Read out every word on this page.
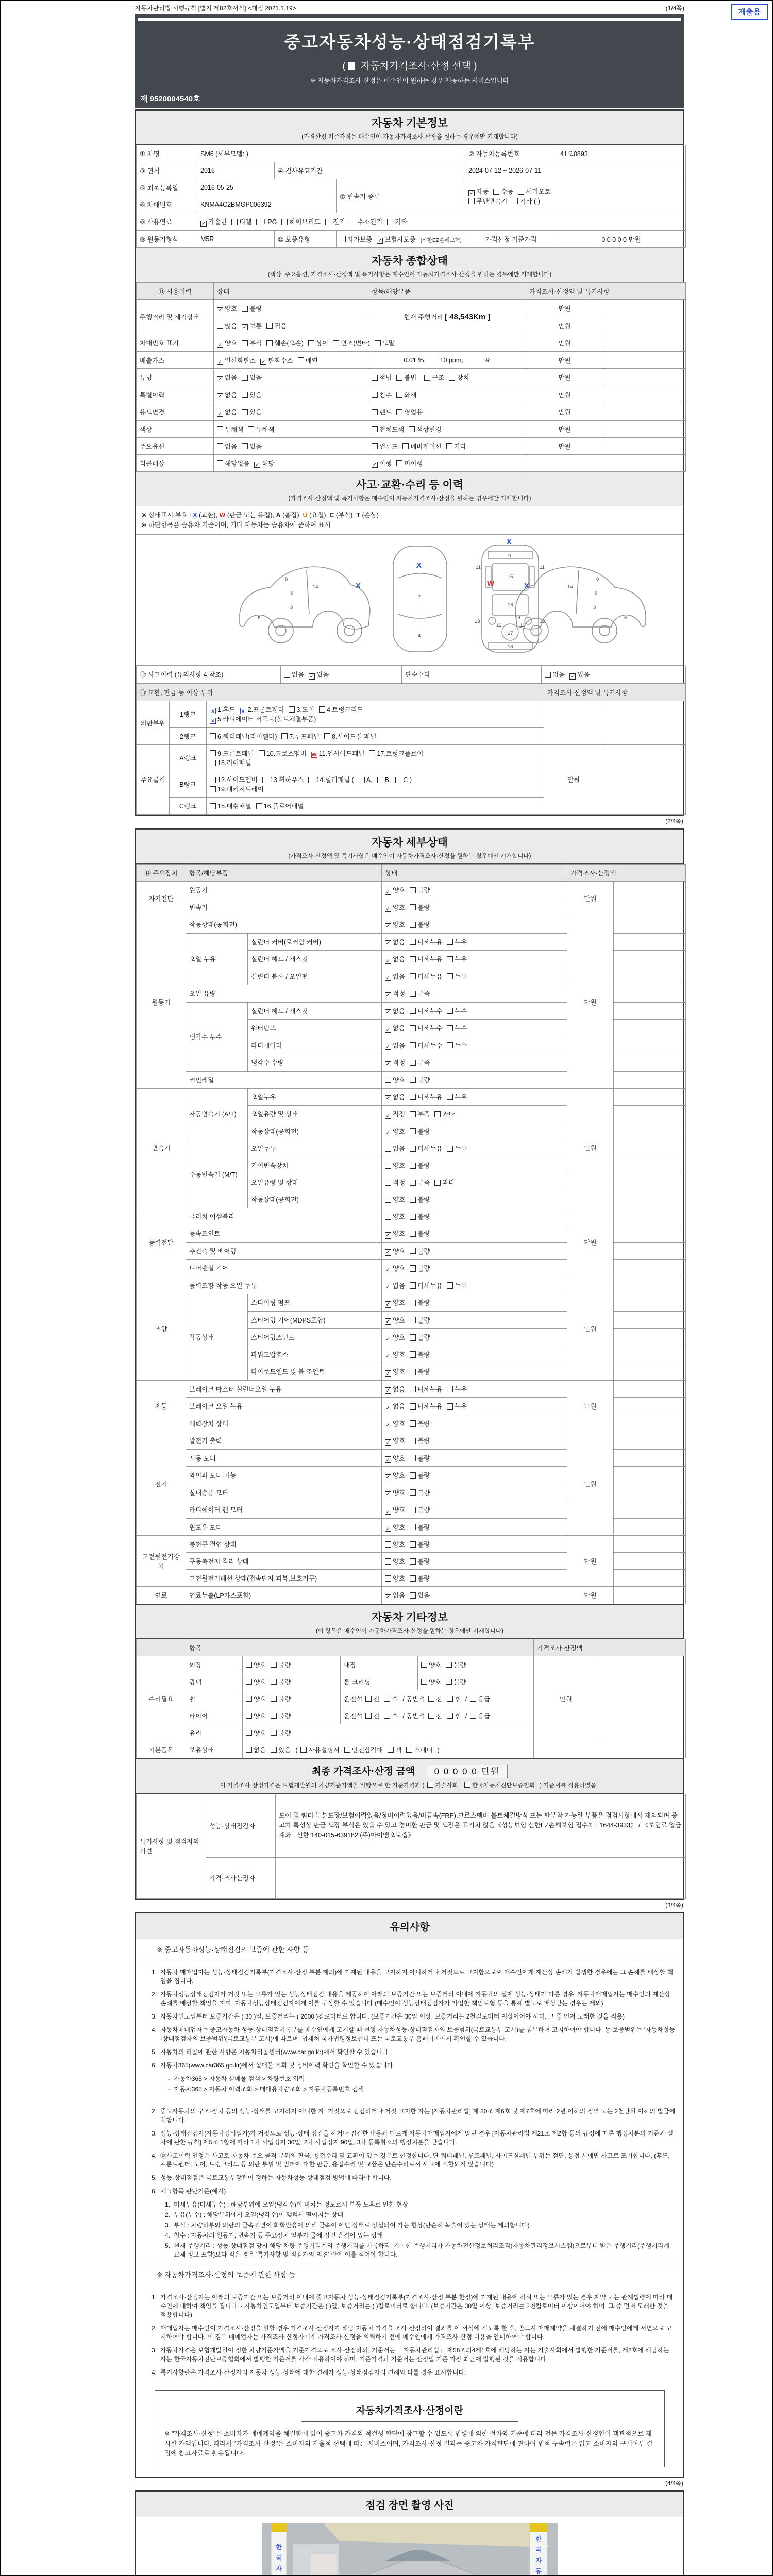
제출용
자동차관리법 시행규칙 [별지 제82호서식] <개정 2021.1.19>	(1/4쪽)
중고자동차성능·상태점검기록부
( 자동차가격조사·산정 선택 )
※ 자동차가격조사·산정은 매수인이 원하는 경우 제공하는 서비스입니다
제 9520004540호
자동차 기본정보
(가격산정 기준가격은 매수인이 자동차가격조사·산정을 원하는 경우에만 기재합니다)
① 차명	SM6 (세부모델: )			② 자동차등록번호	41오0893
③ 연식	2016	④ 검사유효기간		2024-07-12 ~ 2026-07-11	
⑤ 최초등록일	2016-05-25		⑦ 변속기 종류	✓ 자동 수동 세미오토
무단변속기 기타 ( )	
⑥ 차대번호	KNMA4C2BMGP006392				
⑧ 사용연료	✓ 가솔린 디젤 LPG 하이브리드 전기 수소전기 기타				
⑨ 원동기형식	M5R	⑩ 보증유형	자가보증 ✓ 보험사보증 [신한EZ손해보험]	가격산정 기준가격	0 0 0 0 0 만원
자동차 종합상태
(색상, 주요옵션, 가격조사·산정액 및 특기사항은 매수인이 자동차가격조사·산정을 원하는 경우에만 기재합니다)
⑪ 사용이력	상태	항목/해당부품	가격조사·산정액 및 특기사항	
주행거리 및 계기상태	✓ 양호 불량	현재 주행거리 [ 48,543Km ]	만원	
	많음 ✓ 보통 적음		만원	
차대번호 표기	✓ 양호 부식 훼손(오손) 상이 변조(변타) 도말		만원	
배출가스	✓ 일산화탄소 ✓ 탄화수소 매연	0.01 %,        10 ppm,            %	만원	
튜닝	✓ 없음 있음	적법 불법 구조 장치	만원	
특별이력	✓ 없음 있음	침수 화재	만원	
용도변경	✓ 없음 있음	렌트 영업용	만원	
색상	무채색 유채색	전체도색 색상변경	만원	
주요옵션	없음 있음	썬루프 네비게이션 기타	만원	
리콜대상	해당없음 ✓ 해당	✓ 이행 미이행		
사고·교환·수리 등 이력
(가격조사·산정액 및 특기사항은 매수인이 자동차가격조사·산정을 원하는 경우에만 기재합니다)
※ 상태표시 부호 : X (교환), W (판금 또는 용접), A (흠집), U (요철), C (부식), T (손상)
※ 하단항목은 승용차 기준이며, 기타 자동차는 승용차에 준하여 표시
X
8
3
14
3
6
X
7
4
X
9
11	11
W
15
16
13	13
12	12
19
17
18
X
3
8
14
3
6
⑫ 사고이력 (유의사항 4.참조)	없음 ✓ 있음	단순수리	없음 ✓ 있음
⑬ 교환, 판금 등 이상 부위			가격조사·산정액 및 특기사항	
외판부위	1랭크	x 1.후드 x 2.프론트휀더 3.도어 4.트렁크리드
x 5.라디에이터 서포트(볼트체결부품)		
	2랭크	6.쿼터패널(리어휀다) 7.루프패널 8.사이드실 패널		
주요골격	A랭크	9.프론트패널 10.크로스멤버 W 11.인사이드패널 17.트렁크플로어
18.리어패널	만원	
	B랭크	12.사이드멤버 13.휠하우스 14.필러패널 ( A, B, C )
19.패키지트레이		
	C랭크	15.대쉬패널 16.플로어패널		
(2/4쪽)
자동차 세부상태
(가격조사·산정액 및 특기사항은 매수인이 자동차가격조사·산정을 원하는 경우에만 기재합니다)
⑭ 주요장치	항목/해당부품		상태	가격조사·산정액	
자기진단	원동기		✓ 양호 불량	만원	
	변속기		✓ 양호 불량		
원동기	작동상태(공회전)		✓ 양호 불량	만원	
	오일 누유	실린더 커버(로커암 커버)	✓ 없음 미세누유 누유		
		실린더 헤드 / 개스킷	✓ 없음 미세누유 누유		
		실린더 블록 / 오일팬	✓ 없음 미세누유 누유		
	오일 유량		✓ 적정 부족		
	냉각수 누수	실린더 헤드 / 개스킷	✓ 없음 미세누수 누수		
		워터펌프	✓ 없음 미세누수 누수		
		라디에이터	✓ 없음 미세누수 누수		
		냉각수 수량	✓ 적정 부족		
	커먼레일		양호 불량		
변속기	자동변속기 (A/T)	오일누유	✓ 없음 미세누유 누유	만원	
		오일유량 및 상태	✓ 적정 부족 과다		
		작동상태(공회전)	✓ 양호 불량		
	수동변속기 (M/T)	오일누유	없음 미세누유 누유		
		기어변속장치	양호 불량		
		오일유량 및 상태	적정 부족 과다		
		작동상태(공회전)	양호 불량		
동력전달	클러치 어셈블리		양호 불량	만원	
	등속조인트		✓ 양호 불량		
	추진축 및 베어링		✓ 양호 불량		
	디퍼렌셜 기어		✓ 양호 불량		
조향	동력조향 작동 오일 누유		✓ 없음 미세누유 누유	만원	
	작동상태	스티어링 펌프	✓ 양호 불량		
		스티어링 기어(MDPS포함)	✓ 양호 불량		
		스티어링조인트	✓ 양호 불량		
		파워고압호스	✓ 양호 불량		
		타이로드엔드 및 볼 조인트	✓ 양호 불량		
제동	브레이크 마스터 실린더오일 누유		✓ 없음 미세누유 누유	만원	
	브레이크 오일 누유		✓ 없음 미세누유 누유		
	배력장치 상태		✓ 양호 불량		
전기	발전기 출력		✓ 양호 불량	만원	
	시동 모터		✓ 양호 불량		
	와이퍼 모터 기능		✓ 양호 불량		
	실내송풍 모터		✓ 양호 불량		
	라디에이터 팬 모터		✓ 양호 불량		
	윈도우 모터		✓ 양호 불량		
고전원전기장치	충전구 절연 상태		양호 불량	만원	
	구동축전지 격리 상태		양호 불량		
	고전원전기배선 상태(접속단자,피복,보호기구)		양호 불량		
연료	연료누출(LP가스포함)		✓ 없음 있음	만원	
자동차 기타정보
(이 항목은 매수인이 자동차가격조사·산정을 원하는 경우에만 기재합니다)
	항목				가격조사·산정액	
수리필요	외장	양호 불량	내장	양호 불량	만원	
	광택	양호 불량	룸 크리닝	양호 불량		
	휠	양호 불량	운전석 전 후 / 동반석 전 후 / 응급			
	타이어	양호 불량	운전석 전 후 / 동반석 전 후 / 응급			
	유리	양호 불량				
기본품목	보유상태	없음 있음 ( 사용설명서 안전삼각대 잭 스패너 )				
최종 가격조사·산정 금액 0 0 0 0 0 만원
이 가격조사·산정가격은 보험개발원의 차량기준가액을 바탕으로 한 기준가격과 ( 기술사회, 한국자동차진단보증협회 ) 기준서를 적용하였음
특기사항 및 점검자의 의견	성능·상태점검자	도어 및 쿼터 부분도장/보험이력있음/정비이력있음/비금속(FRP),크로스멤버 볼트체결방식 또는 탈부착 가능한 부품은 점검사항에서 제외되며 중고차 특성상 판금 도장 부식은 있을 수 있고 경미한 판금 및 도장은 표기치 않음《성능보험 신한EZ손해보험 접수처 : 1644-3933》 / 《보험료 입금계좌 : 신한 140-015-639182 (주)아이엠오토랩》
	가격·조사산정자	
(3/4쪽)
유의사항
※ 중고자동차성능·상태점검의 보증에 관한 사항 등
1. 자동차 매매업자는 성능·상태점검기록부(가격조사·산정 부분 제외)에 기재된 내용을 고지하지 아니하거나 거짓으로 고지함으로써 매수인에게 재산상 손해가 발생한 경우에는 그 손해를 배상할 책임을 집니다.
2. 자동차성능상태점검자가 거짓 또는 오류가 있는 성능상태점검 내용을 제공하여 아래의 보증기간 또는 보증거리 이내에 자동차의 실제 성능·상태가 다른 경우, 자동차매매업자는 매수인의 재산상 손해를 배상할 책임을 지며, 자동차성능상태점검자에게 이를 구상할 수 있습니다.(매수인이 성능상태점검자가 가입한 책임보험 등을 통해 별도로 배상받는 경우는 제외)
3. 자동차인도일부터 보증기간은 ( 30 )일, 보증거리는 ( 2000 )킬로미터로 합니다. (보증기간은 30일 이상, 보증거리는 2천킬로미터 이상이어야 하며, 그 중 먼저 도래한 것을 적용)
4. 자동차매매업자는 중고자동차 성능·상태점검기록부를 매수인에게 고지할 때 현행 자동차성능·상태점검자의 보증범위(국토교통부 고시)를 첨부하여 고지하여야 합니다. 동 보증범위는 '자동차성능·상태점검자의 보증범위'(국토교통부 고시)에 따르며, 법제처 국가법령정보센터 또는 국토교통부 홈페이지에서 확인할 수 있습니다.
5. 자동차의 리콜에 관한 사항은 자동차리콜센터(www.car.go.kr)에서 확인할 수 있습니다.
6. 자동차365(www.car365.go.kr)에서 실매물 조회 및 정비이력 확인을 확인할 수 있습니다.
- 자동차365 > 자동차 실매물 검색 > 차량번호 입력
- 자동차365 > 자동차 이력조회 > 매매용차량조회 > 자동차등록번호 검색
2. 중고자동차의 구조·장치 등의 성능·상태를 고지하지 아니한 자, 거짓으로 점검하거나 거짓 고지한 자는 [자동차관리법] 제 80조 제6호 및 제7호에 따라 2년 이하의 징역 또는 2천만원 이하의 벌금에 처합니다.
3. 성능·상태점검자(자동차정비업자)가 거짓으로 성능·상태 점검을 하거나 점검한 내용과 다르게 자동차매매업자에게 알린 경우 [자동차관리법 제21조 제2항 등의 규정에 따른 행정처분의 기준과 절차에 관한 규칙] 제5조 1항에 따라 1차 사업정지 30일, 2차 사업정지 90일, 3차 등록취소의 행정처분을 받습니다.
4. ⑫사고이력 인정은 사고로 자동차 주요 골격 부위의 판금, 용접수리 및 교환이 있는 경우로 한정합니다. 단 쿼터패널, 루프패널, 사이드실패널 부위는 절단, 용접 시에만 사고로 표기합니다. (후드, 프론트펜더, 도어, 트렁크리드 등 외판 부위 및 범퍼에 대한 판금, 용접수리 및 교환은 단순수리로서 사고에 포함되지 않습니다)
5. 성능·상태점검은 국토교통부장관이 정하는 자동차성능·상태점검 방법에 따라야 합니다.
6. 체크항목 판단기준(예시)
1. 미세누유(미세누수) : 해당부위에 오일(냉각수)이 비치는 정도로서 부품 노후로 인한 현상
2. 누유(누수) : 해당부위에서 오일(냉각수)이 맺혀서 떨어지는 상태
3. 부식 : 차량하부와 외판의 금속표면이 화학반응에 의해 금속이 아닌 상태로 상실되어 가는 현상(단순히 녹슬어 있는 상태는 제외합니다)
4. 침수 : 자동차의 원동기, 변속기 등 주요장치 일부가 물에 잠긴 흔적이 있는 상태
5. 현재 주행거리 : 성능·상태점검 당시 해당 차량 주행거리계의 주행거리를 기록하되, 기록한 주행거리가 자동차전산정보처리조직(자동차관리정보시스템)으로부터 받은 주행거리(주행거리계 교체 정보 포함)보다 적은 경우 '특기사항 및 점검자의 의견' 란에 이를 적어야 합니다.
※ 자동차가격조사·산정의 보증에 관한 사항 등
1. 가격조사·산정자는 아래의 보증기간 또는 보증거리 이내에 중고자동차 성능·상태점검기록부(가격조사·산정 부분 한정)에 기재된 내용에 허위 또는 오류가 있는 경우 계약 또는 관계법령에 따라 매수인에 대하여 책임을 집니다. · 자동차인도일부터 보증기간은 ( )일, 보증거리는 ( )킬로미터로 합니다. (보증기간은 30일 이상, 보증거리는 2천킬로미터 이상이어야 하며, 그 중 먼저 도래한 것을 적용합니다)
2. 매매업자는 매수인이 가격조사·산정을 원할 경우 가격조사·산정자가 해당 자동차 가격을 조사·산정하여 결과를 이 서식에 적도록 한 후, 반드시 매매계약을 체결하기 전에 매수인에게 서면으로 고지하여야 합니다. 이 경우 매매업자는 가격조사·산정자에게 가격조사·산정을 의뢰하기 전에 매수인에게 가격조사·산정 비용을 안내하여야 합니다.
3. 자동차가격은 보험개발원이 정한 차량기준가액을 기준가격으로 조사·산정하되, 기준서는 「자동차관리법」 제58조의4제1호에 해당하는 자는 기술사회에서 발행한 기준서를, 제2호에 해당하는 자는 한국자동차진단보증협회에서 발행한 기준서를 각각 적용하여야 하며, 기준가격과 기준서는 산정일 기준 가장 최근에 발행된 것을 적용합니다.
4. 특기사항란은 가격조사·산정자의 자동차 성능·상태에 대한 견해가 성능·상태점검자의 견해와 다를 경우 표시합니다.
자동차가격조사·산정이란
※ "가격조사·산정"은 소비자가 매매계약을 체결함에 있어 중고차 가격의 적절성 판단에 참고할 수 있도록 법령에 의한 절차와 기준에 따라 전문 가격조사·산정인이 객관적으로 제시한 가액입니다. 따라서 "가격조사·산정"은 소비자의 자율적 선택에 따른 서비스이며, 가격조사·산정 결과는 중고차 가격판단에 관하여 법적 구속력은 없고 소비자의 구매여부 결정에 참고자료로 활용됩니다.
(4/4쪽)
점검 장면 촬영 사진
한 국 자 동
한 국 자
